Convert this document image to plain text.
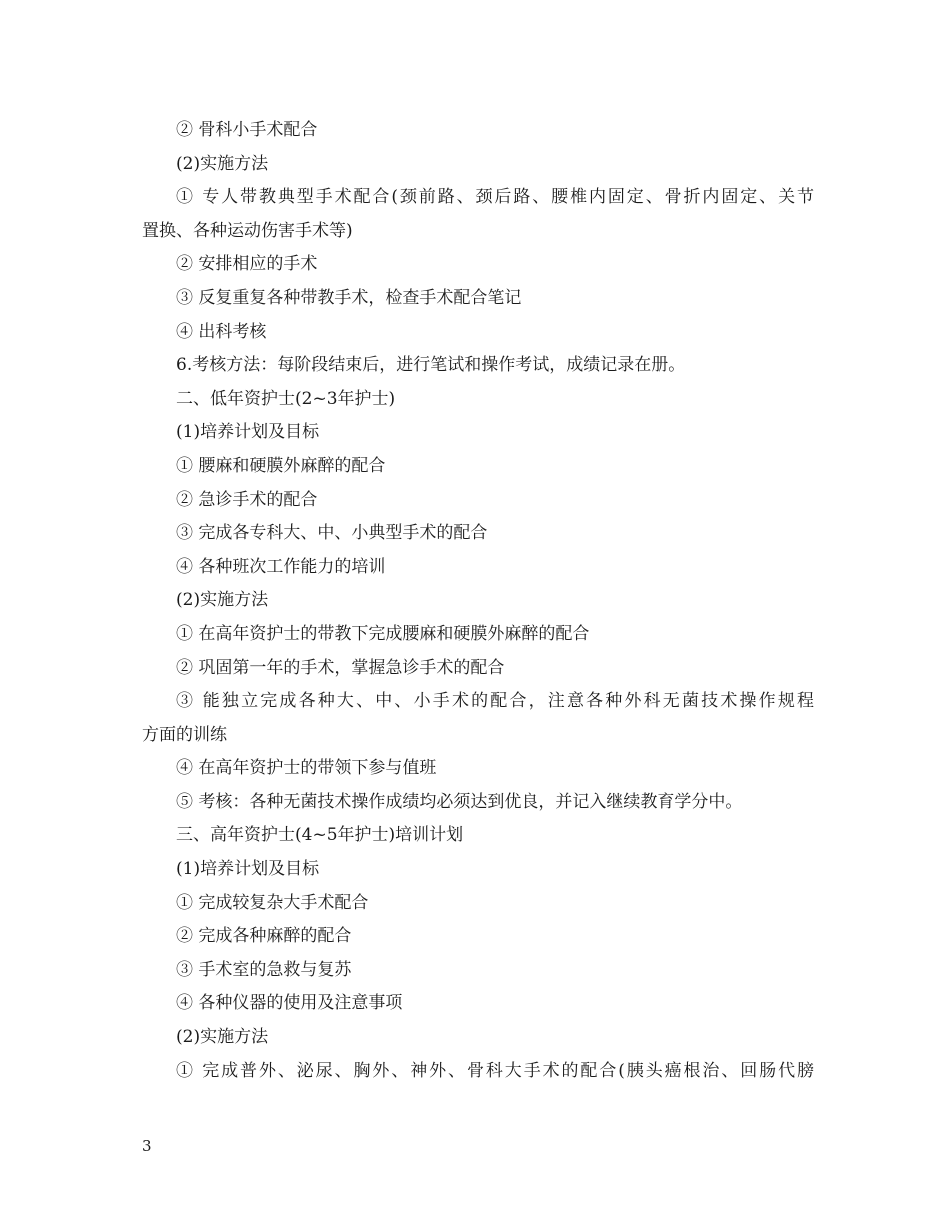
② 骨科小手术配合
(2)实施方法
① 专人带教典型手术配合(颈前路、颈后路、腰椎内固定、骨折内固定、关节
置换、各种运动伤害手术等)
② 安排相应的手术
③ 反复重复各种带教手术，检查手术配合笔记
④ 出科考核
6.考核方法：每阶段结束后，进行笔试和操作考试，成绩记录在册。
二、低年资护士(2~3年护士)
(1)培养计划及目标
① 腰麻和硬膜外麻醉的配合
② 急诊手术的配合
③ 完成各专科大、中、小典型手术的配合
④ 各种班次工作能力的培训
(2)实施方法
① 在高年资护士的带教下完成腰麻和硬膜外麻醉的配合
② 巩固第一年的手术，掌握急诊手术的配合
③ 能独立完成各种大、中、小手术的配合，注意各种外科无菌技术操作规程
方面的训练
④ 在高年资护士的带领下参与值班
⑤ 考核：各种无菌技术操作成绩均必须达到优良，并记入继续教育学分中。
三、高年资护士(4~5年护士)培训计划
(1)培养计划及目标
① 完成较复杂大手术配合
② 完成各种麻醉的配合
③ 手术室的急救与复苏
④ 各种仪器的使用及注意事项
(2)实施方法
① 完成普外、泌尿、胸外、神外、骨科大手术的配合(胰头癌根治、回肠代膀
3
